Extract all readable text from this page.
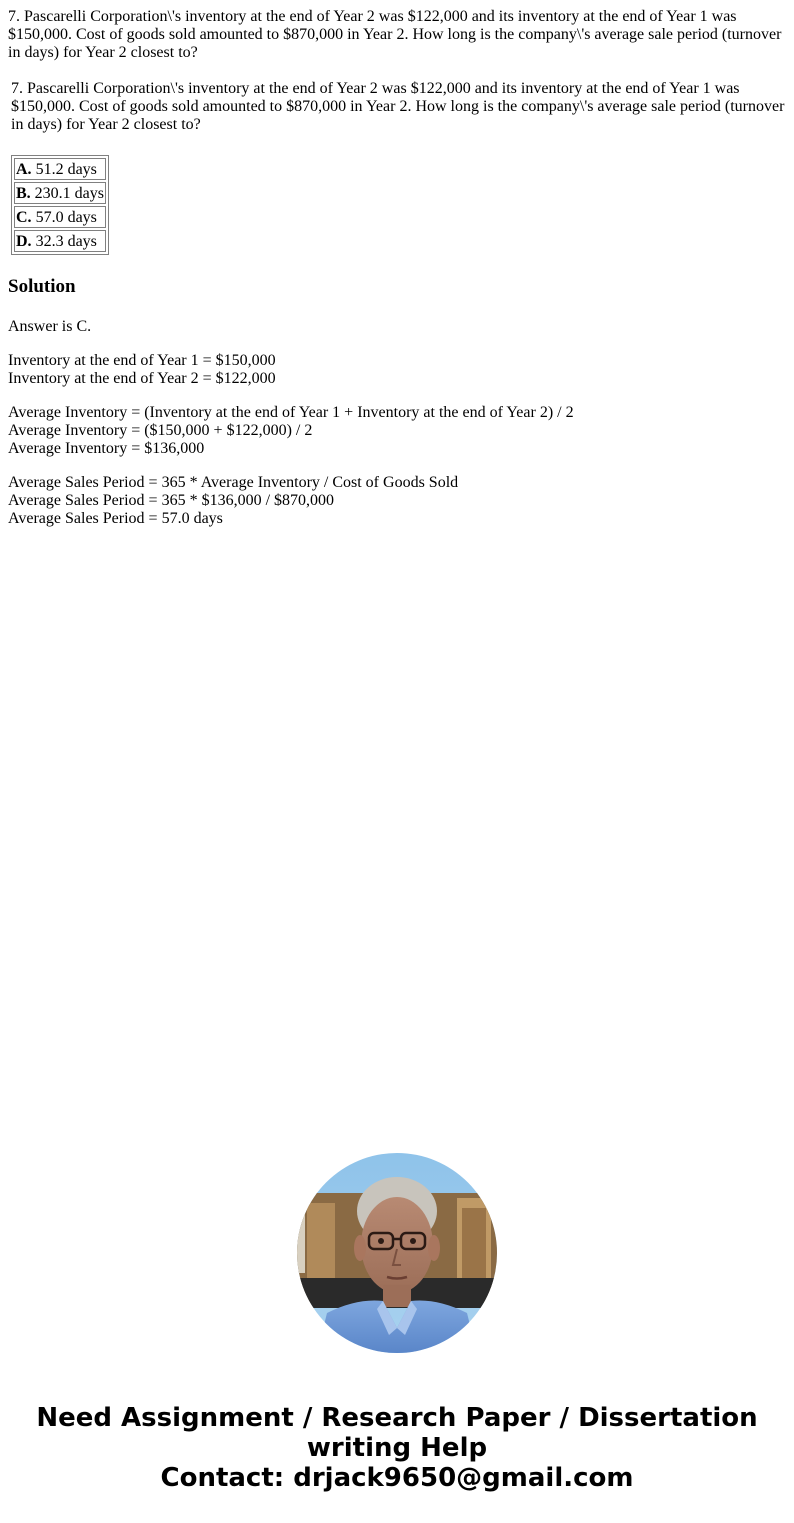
7. Pascarelli Corporation\'s inventory at the end of Year 2 was $122,000 and its inventory at the end of Year 1 was $150,000. Cost of goods sold amounted to $870,000 in Year 2. How long is the company\'s average sale period (turnover in days) for Year 2 closest to?

7. Pascarelli Corporation\'s inventory at the end of Year 2 was $122,000 and its inventory at the end of Year 1 was $150,000. Cost of goods sold amounted to $870,000 in Year 2. How long is the company\'s average sale period (turnover in days) for Year 2 closest to?

A. 51.2 days
B. 230.1 days
C. 57.0 days
D. 32.3 days
Solution

Answer is C.

Inventory at the end of Year 1 = $150,000
Inventory at the end of Year 2 = $122,000

Average Inventory = (Inventory at the end of Year 1 + Inventory at the end of Year 2) / 2
Average Inventory = ($150,000 + $122,000) / 2
Average Inventory = $136,000

Average Sales Period = 365 * Average Inventory / Cost of Goods Sold
Average Sales Period = 365 * $136,000 / $870,000
Average Sales Period = 57.0 days

Need Assignment / Research Paper / Dissertation
writing Help
Contact: drjack9650@gmail.com
